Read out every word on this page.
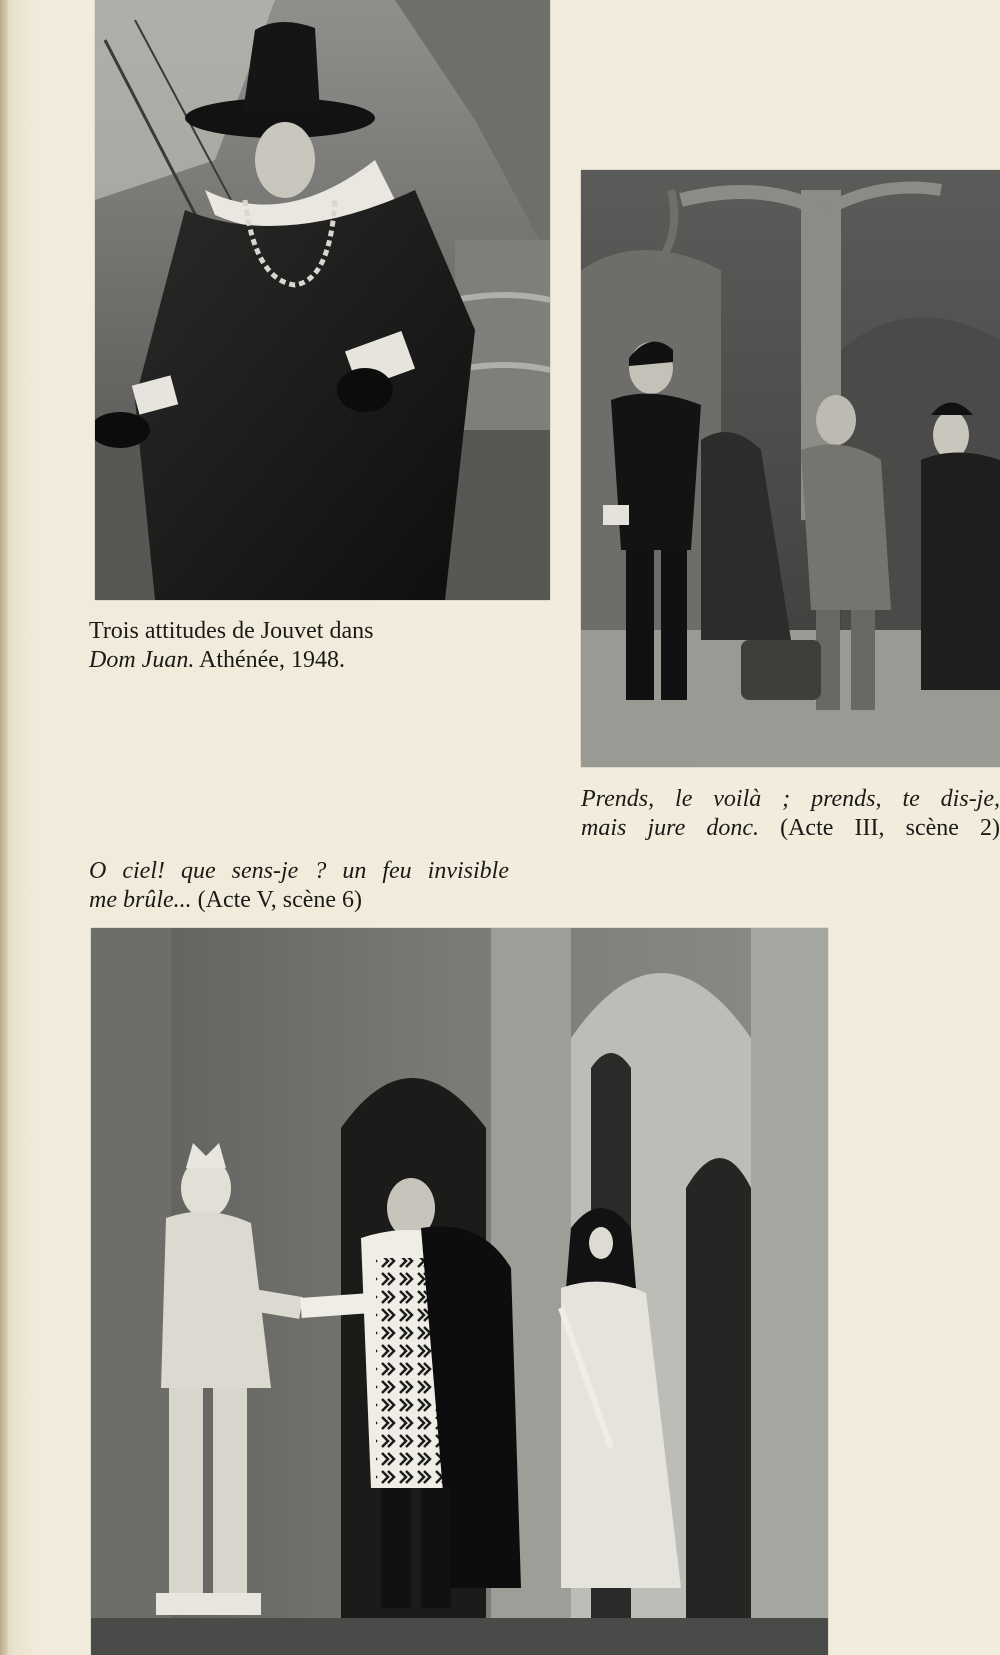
Trois attitudes de Jouvet dans
Dom Juan. Athénée, 1948.
Prends, le voilà ; prends, te dis-je,
mais jure donc. (Acte III, scène 2)
O ciel! que sens-je ? un feu invisible
me brûle... (Acte V, scène 6)
